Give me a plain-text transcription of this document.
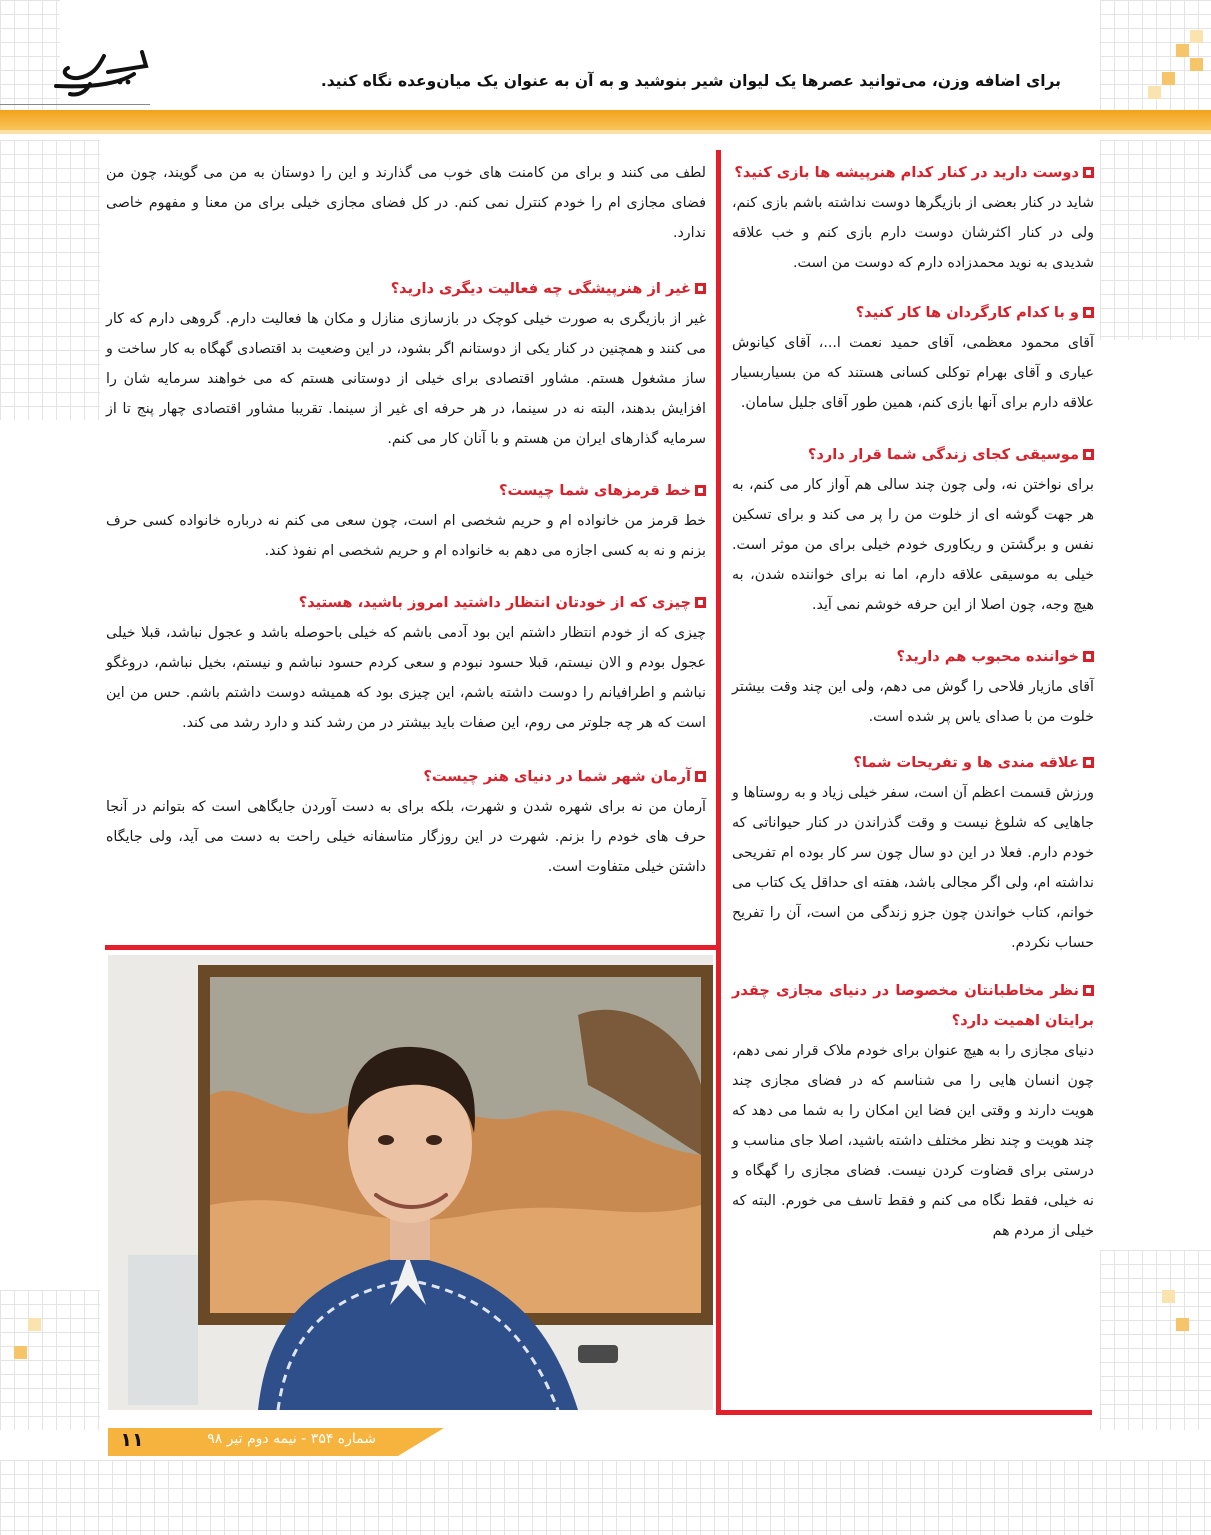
برای اضافه وزن، می‌توانید عصرها یک لیوان شیر بنوشید و به آن به عنوان یک میان‌وعده نگاه کنید.

دوست دارید در کنار کدام هنرپیشه ها بازی کنید؟

شاید در کنار بعضی از بازیگرها دوست نداشته باشم بازی کنم، ولی در کنار اکثرشان دوست دارم بازی کنم و خب علاقه شدیدی به نوید محمدزاده دارم که دوست من است.

و با کدام کارگردان ها کار کنید؟

آقای محمود معظمی، آقای حمید نعمت ا...، آقای کیانوش عیاری و آقای بهرام توکلی کسانی هستند که من بسیاربسیار علاقه دارم برای آنها بازی کنم، همین طور آقای جلیل سامان.

موسیقی کجای زندگی شما قرار دارد؟

برای نواختن نه، ولی چون چند سالی هم آواز کار می کنم، به هر جهت گوشه ای از خلوت من را پر می کند و برای تسکین نفس و برگشتن و ریکاوری خودم خیلی برای من موثر است. خیلی به موسیقی علاقه دارم، اما نه برای خواننده شدن، به هیچ وجه، چون اصلا از این حرفه خوشم نمی آید.

خواننده محبوب هم دارید؟

آقای مازیار فلاحی را گوش می دهم، ولی این چند وقت بیشتر خلوت من با صدای یاس پر شده است.

علاقه مندی ها و تفریحات شما؟

ورزش قسمت اعظم آن است، سفر خیلی زیاد و به روستاها و جاهایی که شلوغ نیست و وقت گذراندن در کنار حیواناتی که خودم دارم. فعلا در این دو سال چون سر کار بوده ام تفریحی نداشته ام، ولی اگر مجالی باشد، هفته ای حداقل یک کتاب می خوانم، کتاب خواندن چون جزو زندگی من است، آن را تفریح حساب نکردم.

نظر مخاطبانتان مخصوصا در دنیای مجازی چقدر برایتان اهمیت دارد؟

دنیای مجازی را به هیچ عنوان برای خودم ملاک قرار نمی دهم، چون انسان هایی را می شناسم که در فضای مجازی چند هویت دارند و وقتی این فضا این امکان را به شما می دهد که چند هویت و چند نظر مختلف داشته باشید، اصلا جای مناسب و درستی برای قضاوت کردن نیست. فضای مجازی را گهگاه و نه خیلی، فقط نگاه می کنم و فقط تاسف می خورم. البته که خیلی از مردم هم

لطف می کنند و برای من کامنت های خوب می گذارند و این را دوستان به من می گویند، چون من فضای مجازی ام را خودم کنترل نمی کنم. در کل فضای مجازی خیلی برای من معنا و مفهوم خاصی ندارد.

غیر از هنرپیشگی چه فعالیت دیگری دارید؟

غیر از بازیگری به صورت خیلی کوچک در بازسازی منازل و مکان ها فعالیت دارم. گروهی دارم که کار می کنند و همچنین در کنار یکی از دوستانم اگر بشود، در این وضعیت بد اقتصادی گهگاه به کار ساخت و ساز مشغول هستم. مشاور اقتصادی برای خیلی از دوستانی هستم که می خواهند سرمایه شان را افزایش بدهند، البته نه در سینما، در هر حرفه ای غیر از سینما. تقریبا مشاور اقتصادی چهار پنج تا از سرمایه گذارهای ایران من هستم و با آنان کار می کنم.

خط قرمزهای شما چیست؟

خط قرمز من خانواده ام و حریم شخصی ام است، چون سعی می کنم نه درباره خانواده کسی حرف بزنم و نه به کسی اجازه می دهم به خانواده ام و حریم شخصی ام نفوذ کند.

چیزی که از خودتان انتظار داشتید امروز باشید، هستید؟

چیزی که از خودم انتظار داشتم این بود آدمی باشم که خیلی باحوصله باشد و عجول نباشد، قبلا خیلی عجول بودم و الان نیستم، قبلا حسود نبودم و سعی کردم حسود نباشم و نیستم، بخیل نباشم، دروغگو نباشم و اطرافیانم را دوست داشته باشم، این چیزی بود که همیشه دوست داشتم باشم. حس من این است که هر چه جلوتر می روم، این صفات باید بیشتر در من رشد کند و دارد رشد می کند.

آرمان شهر شما در دنیای هنر چیست؟

آرمان من نه برای شهره شدن و شهرت، بلکه برای به دست آوردن جایگاهی است که بتوانم در آنجا حرف های خودم را بزنم. شهرت در این روزگار متاسفانه خیلی راحت به دست می آید، ولی جایگاه داشتن خیلی متفاوت است.

شماره ۳۵۴ - نیمه دوم تیر ۹۸
۱۱
